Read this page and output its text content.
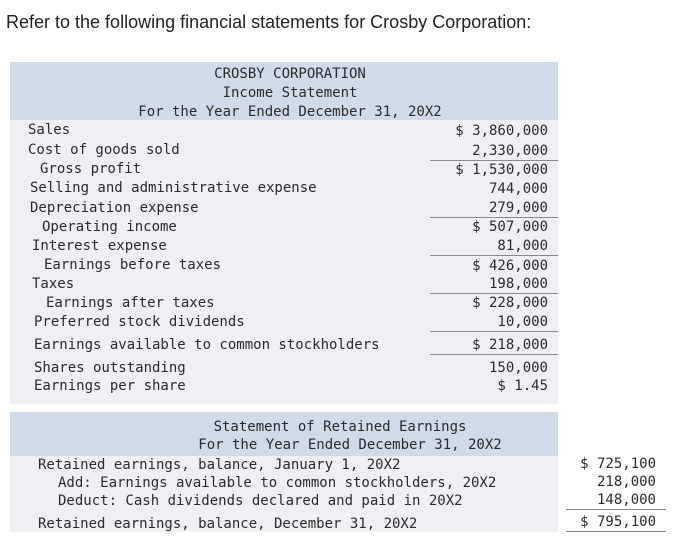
Refer to the following financial statements for Crosby Corporation:
CROSBY CORPORATION
Income Statement
For the Year Ended December 31, 20X2
Sales	$ 3,860,000
Cost of goods sold	2,330,000
Gross profit	$ 1,530,000
Selling and administrative expense	744,000
Depreciation expense	279,000
Operating income	$ 507,000
Interest expense	81,000
Earnings before taxes	$ 426,000
Taxes	198,000
Earnings after taxes	$ 228,000
Preferred stock dividends	10,000
Earnings available to common stockholders	$ 218,000
Shares outstanding	150,000
Earnings per share	$ 1.45
Statement of Retained Earnings
For the Year Ended December 31, 20X2
Retained earnings, balance, January 1, 20X2	$ 725,100
Add: Earnings available to common stockholders, 20X2	218,000
Deduct: Cash dividends declared and paid in 20X2	148,000
Retained earnings, balance, December 31, 20X2	$ 795,100
